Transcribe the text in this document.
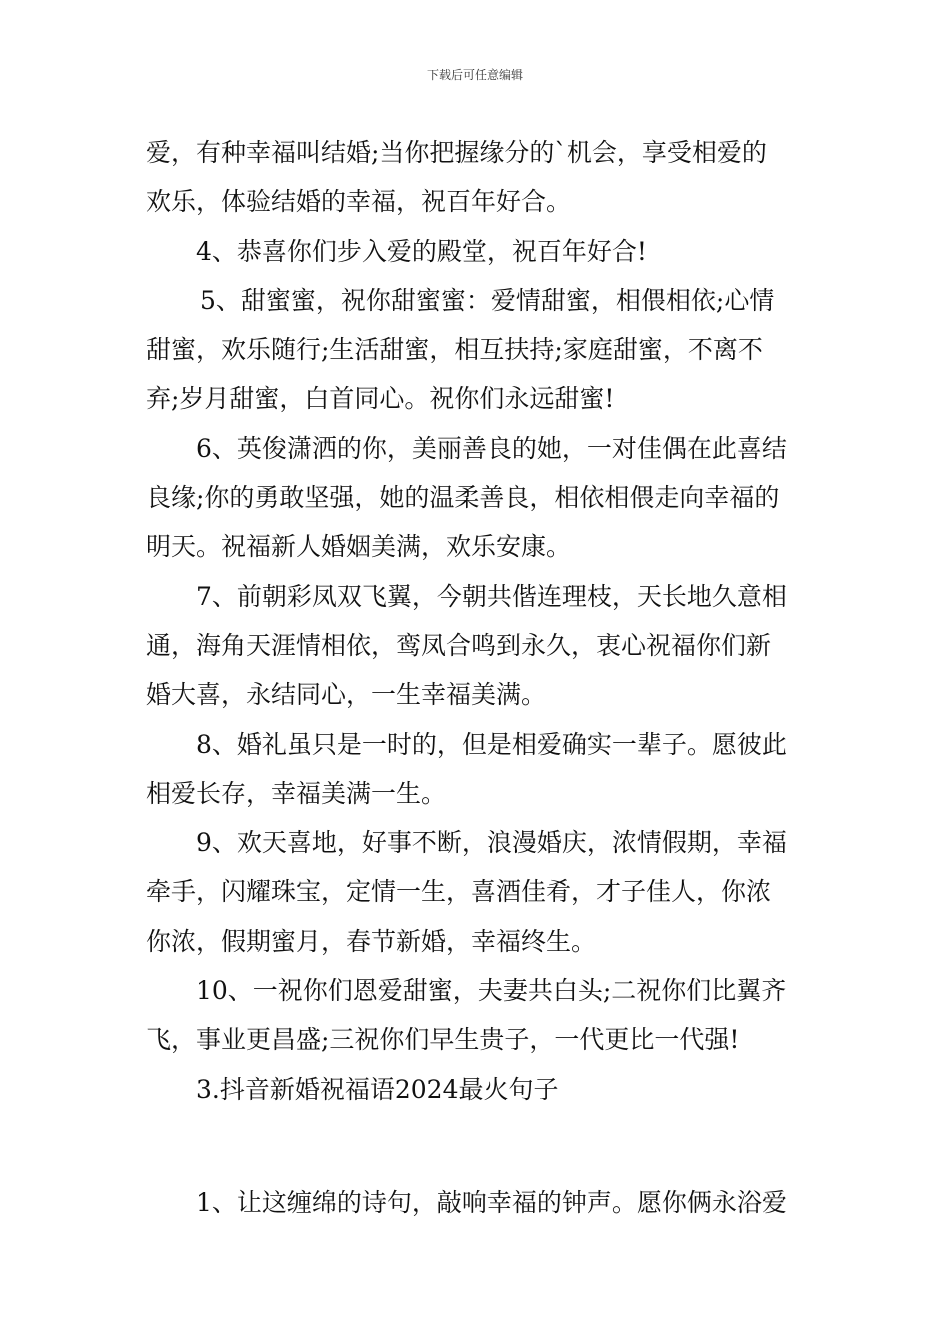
下载后可任意编辑
爱，有种幸福叫结婚;当你把握缘分的`机会，享受相爱的
欢乐，体验结婚的幸福，祝百年好合。
4、恭喜你们步入爱的殿堂，祝百年好合!
5、甜蜜蜜，祝你甜蜜蜜：爱情甜蜜，相偎相依;心情
甜蜜，欢乐随行;生活甜蜜，相互扶持;家庭甜蜜，不离不
弃;岁月甜蜜，白首同心。祝你们永远甜蜜!
6、英俊潇洒的你，美丽善良的她，一对佳偶在此喜结
良缘;你的勇敢坚强，她的温柔善良，相依相偎走向幸福的
明天。祝福新人婚姻美满，欢乐安康。
7、前朝彩凤双飞翼，今朝共偕连理枝，天长地久意相
通，海角天涯情相依，鸾凤合鸣到永久，衷心祝福你们新
婚大喜，永结同心，一生幸福美满。
8、婚礼虽只是一时的，但是相爱确实一辈子。愿彼此
相爱长存，幸福美满一生。
9、欢天喜地，好事不断，浪漫婚庆，浓情假期，幸福
牵手，闪耀珠宝，定情一生，喜酒佳肴，才子佳人，你浓
你浓，假期蜜月，春节新婚，幸福终生。
10、一祝你们恩爱甜蜜，夫妻共白头;二祝你们比翼齐
飞，事业更昌盛;三祝你们早生贵子，一代更比一代强!
3.抖音新婚祝福语2024最火句子
1、让这缠绵的诗句，敲响幸福的钟声。愿你俩永浴爱
